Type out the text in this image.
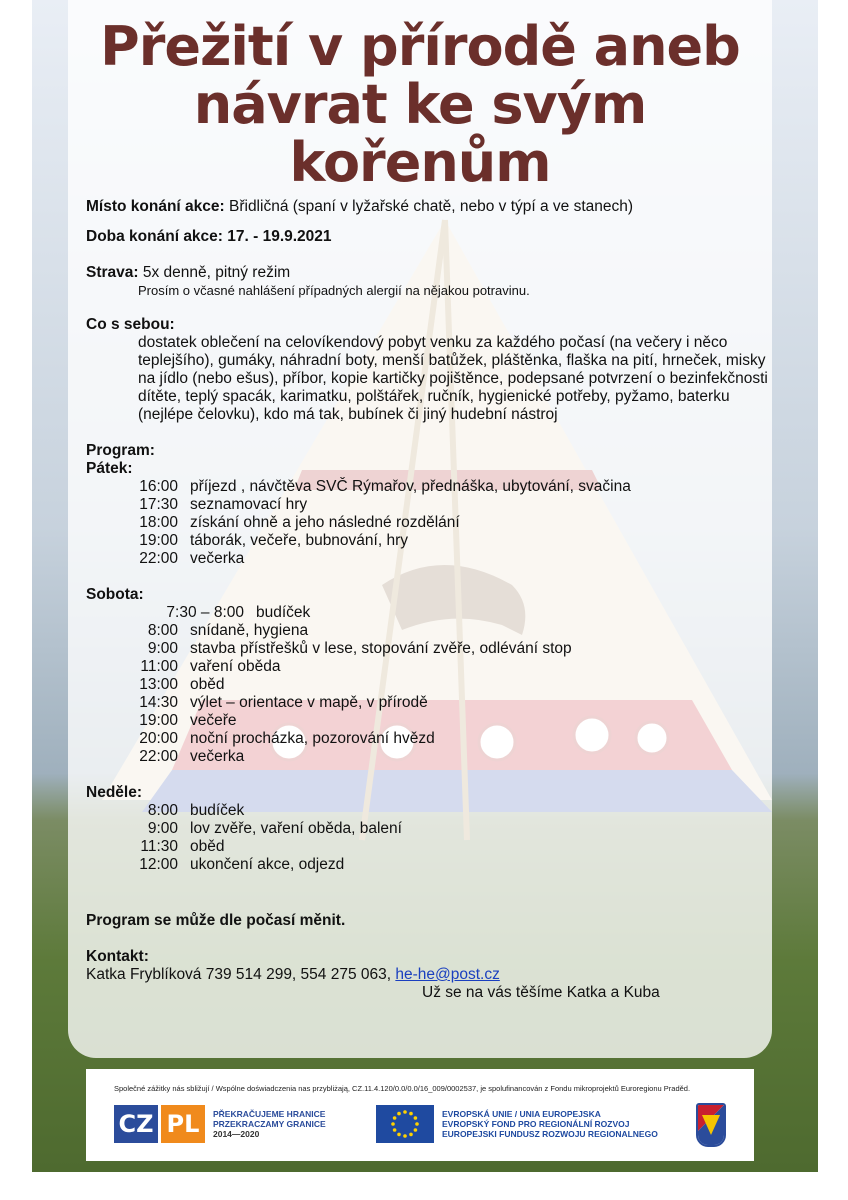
Přežití v přírodě aneb
návrat ke svým kořenům

Místo konání akce: Břidličná (spaní v lyžařské chatě, nebo v týpí a ve stanech)

Doba konání akce: 17. - 19.9.2021

Strava: 5x denně, pitný režim

Prosím o včasné nahlášení případných alergií na nějakou potravinu.

Co s sebou:

dostatek oblečení na celovíkendový pobyt venku za každého počasí (na večery i něco teplejšího), gumáky, náhradní boty, menší batůžek, pláštěnka, flaška na pití, hrneček, misky na jídlo (nebo ešus), příbor, kopie kartičky pojištěnce, podepsané potvrzení o bezinfekčnosti dítěte, teplý spacák, karimatku, polštářek, ručník, hygienické potřeby, pyžamo, baterku (nejlépe čelovku), kdo má tak, bubínek či jiný hudební nástroj

Program:

Pátek:

16:00 příjezd , návčtěva SVČ Rýmařov, přednáška, ubytování, svačina
17:30 seznamovací hry
18:00 získání ohně a jeho následné rozdělání
19:00 táborák, večeře, bubnování, hry
22:00 večerka

Sobota:

7:30 – 8:00 budíček
8:00 snídaně, hygiena
9:00 stavba přístřešků v lese, stopování zvěře, odlévání stop
11:00 vaření oběda
13:00 oběd
14:30 výlet – orientace v mapě, v přírodě
19:00 večeře
20:00 noční procházka, pozorování hvězd
22:00 večerka

Neděle:

8:00 budíček
9:00 lov zvěře, vaření oběda, balení
11:30 oběd
12:00 ukončení akce, odjezd

Program se může dle počasí měnit.

Kontakt:

Katka Fryblíková 739 514 299, 554 275 063, he-he@post.cz

Už se na vás těšíme Katka a Kuba

Společné zážitky nás sbližují / Wspólne doświadczenia nas przybliżają, CZ.11.4.120/0.0/0.0/16_009/0002537, je spolufinancován z Fondu mikroprojektů Euroregionu Praděd.
CZ PL	PŘEKRAČUJEME HRANICE
PRZEKRACZAMY GRANICE
2014—2020
EVROPSKÁ UNIE / UNIA EUROPEJSKA
EVROPSKÝ FOND PRO REGIONÁLNÍ ROZVOJ
EUROPEJSKI FUNDUSZ ROZWOJU REGIONALNEGO
